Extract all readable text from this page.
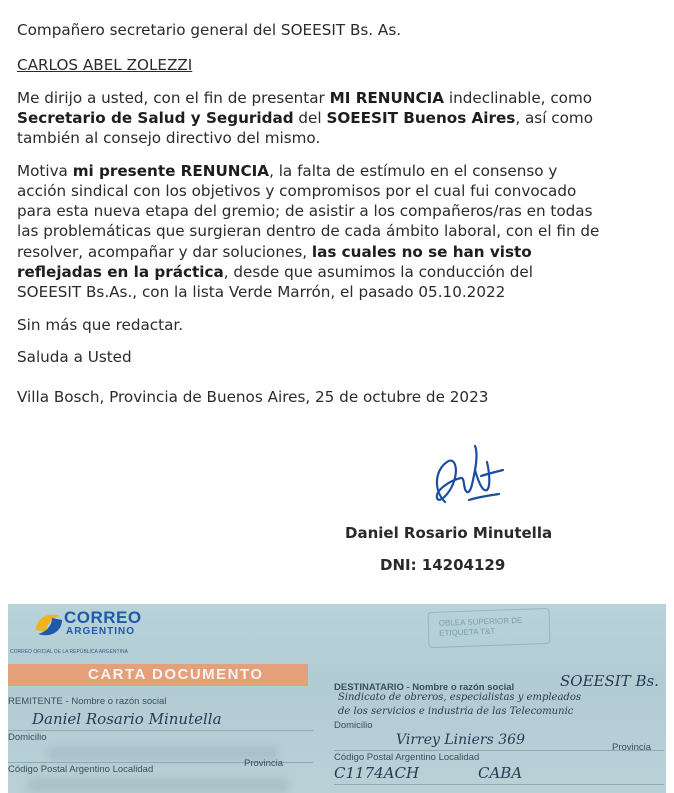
Compañero secretario general del SOEESIT Bs. As.

CARLOS ABEL ZOLEZZI

Me dirijo a usted, con el fin de presentar MI RENUNCIA indeclinable, como

Secretario de Salud y Seguridad del SOEESIT Buenos Aires, así como

también al consejo directivo del mismo.

Motiva mi presente RENUNCIA, la falta de estímulo en el consenso y

acción sindical con los objetivos y compromisos por el cual fui convocado

para esta nueva etapa del gremio; de asistir a los compañeros/ras en todas

las problemáticas que surgieran dentro de cada ámbito laboral, con el fin de

resolver, acompañar y dar soluciones, las cuales no se han visto

reflejadas en la práctica, desde que asumimos la conducción del

SOEESIT Bs.As., con la lista Verde Marrón, el pasado 05.10.2022

Sin más que redactar.

Saluda a Usted

Villa Bosch, Provincia de Buenos Aires, 25 de octubre de 2023

Daniel Rosario Minutella
DNI: 14204129
CORREO
ARGENTINO
CORREO OFICIAL DE LA REPÚBLICA ARGENTINA
OBLEA SUPERIOR DE ETIQUETA T&T
CARTA DOCUMENTO
REMITENTE - Nombre o razón social
Daniel Rosario Minutella
Domicilio
Código Postal Argentino Localidad
Provincia
DESTINATARIO - Nombre o razón social	SOEESIT Bs.
Sindicato de obreros, especialistas y empleados
de los servicios e industria de las Telecomunic
Domicilio
Virrey Liniers 369	Provincia
Código Postal Argentino Localidad
C1174ACH	CABA
